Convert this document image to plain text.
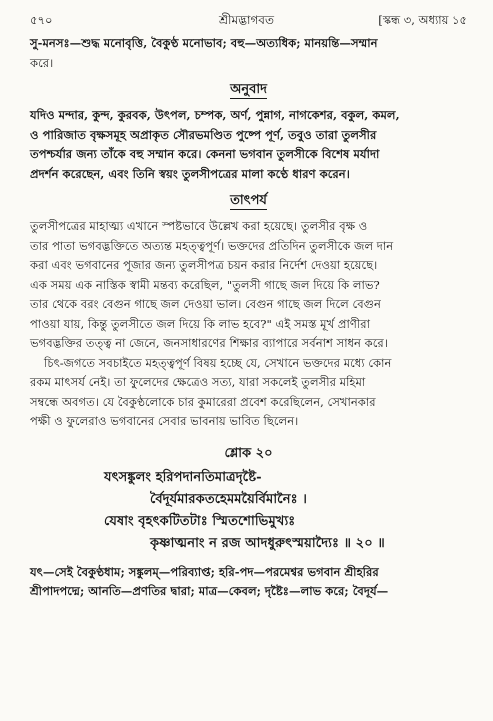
৫৭০	[স্কন্ধ ৩, অধ্যায় ১৫
শ্রীমদ্ভাগবত

সু-মনসঃ—শুদ্ধ মনোবৃত্তি, বৈকুণ্ঠ মনোভাব; বহু—অত্যধিক; মানয়ন্তি—সম্মান

করে।

অনুবাদ

যদিও মন্দার, কুন্দ, কুরবক, উৎপল, চম্পক, অর্ণ, পুন্নাগ, নাগকেশর, বকুল, কমল,

ও পারিজাত বৃক্ষসমূহ অপ্রাকৃত সৌরভমণ্ডিত পুষ্পে পূর্ণ, তবুও তারা তুলসীর

তপশ্চর্যার জন্য তাঁকে বহু সম্মান করে। কেননা ভগবান তুলসীকে বিশেষ মর্যাদা

প্রদর্শন করেছেন, এবং তিনি স্বয়ং তুলসীপত্রের মালা কণ্ঠে ধারণ করেন।

তাৎপর্য

তুলসীপত্রের মাহাত্ম্য এখানে স্পষ্টভাবে উল্লেখ করা হয়েছে। তুলসীর বৃক্ষ ও

তার পাতা ভগবদ্ভক্তিতে অত্যন্ত মহত্ত্বপূর্ণ। ভক্তদের প্রতিদিন তুলসীকে জল দান

করা এবং ভগবানের পূজার জন্য তুলসীপত্র চয়ন করার নির্দেশ দেওয়া হয়েছে।

এক সময় এক নাস্তিক স্বামী মন্তব্য করেছিল, "তুলসী গাছে জল দিয়ে কি লাভ?

তার থেকে বরং বেগুন গাছে জল দেওয়া ভাল। বেগুন গাছে জল দিলে বেগুন

পাওয়া যায়, কিন্তু তুলসীতে জল দিয়ে কি লাভ হবে?" এই সমস্ত মূর্খ প্রাণীরা

ভগবদ্ভক্তির তত্ত্ব না জেনে, জনসাধারণের শিক্ষার ব্যাপারে সর্বনাশ সাধন করে।

চিৎ-জগতে সবচাইতে মহত্ত্বপূর্ণ বিষয় হচ্ছে যে, সেখানে ভক্তদের মধ্যে কোন

রকম মাৎসর্য নেই। তা ফুলেদের ক্ষেত্রেও সত্য, যারা সকলেই তুলসীর মহিমা

সম্বন্ধে অবগত। যে বৈকুণ্ঠলোকে চার কুমারেরা প্রবেশ করেছিলেন, সেখানকার

পক্ষী ও ফুলেরাও ভগবানের সেবার ভাবনায় ভাবিত ছিলেন।

শ্লোক ২০

যৎসঙ্কুলং হরিপদানতিমাত্রদৃষ্টৈ-

র্বৈদূর্যমারকতহেমময়ৈর্বিমানৈঃ ।

যেষাং বৃহৎকটিতটাঃ স্মিতশোভিমুখ্যঃ

কৃষ্ণাত্মনাং ন রজ আদধুরুৎস্ময়াদ্যৈঃ ॥ ২০ ॥

যৎ—সেই বৈকুণ্ঠধাম; সঙ্কুলম্—পরিব্যাপ্ত; হরি-পদ—পরমেশ্বর ভগবান শ্রীহরির

শ্রীপাদপদ্মে; আনতি—প্রণতির দ্বারা; মাত্র—কেবল; দৃষ্টৈঃ—লাভ করে; বৈদূর্য—
